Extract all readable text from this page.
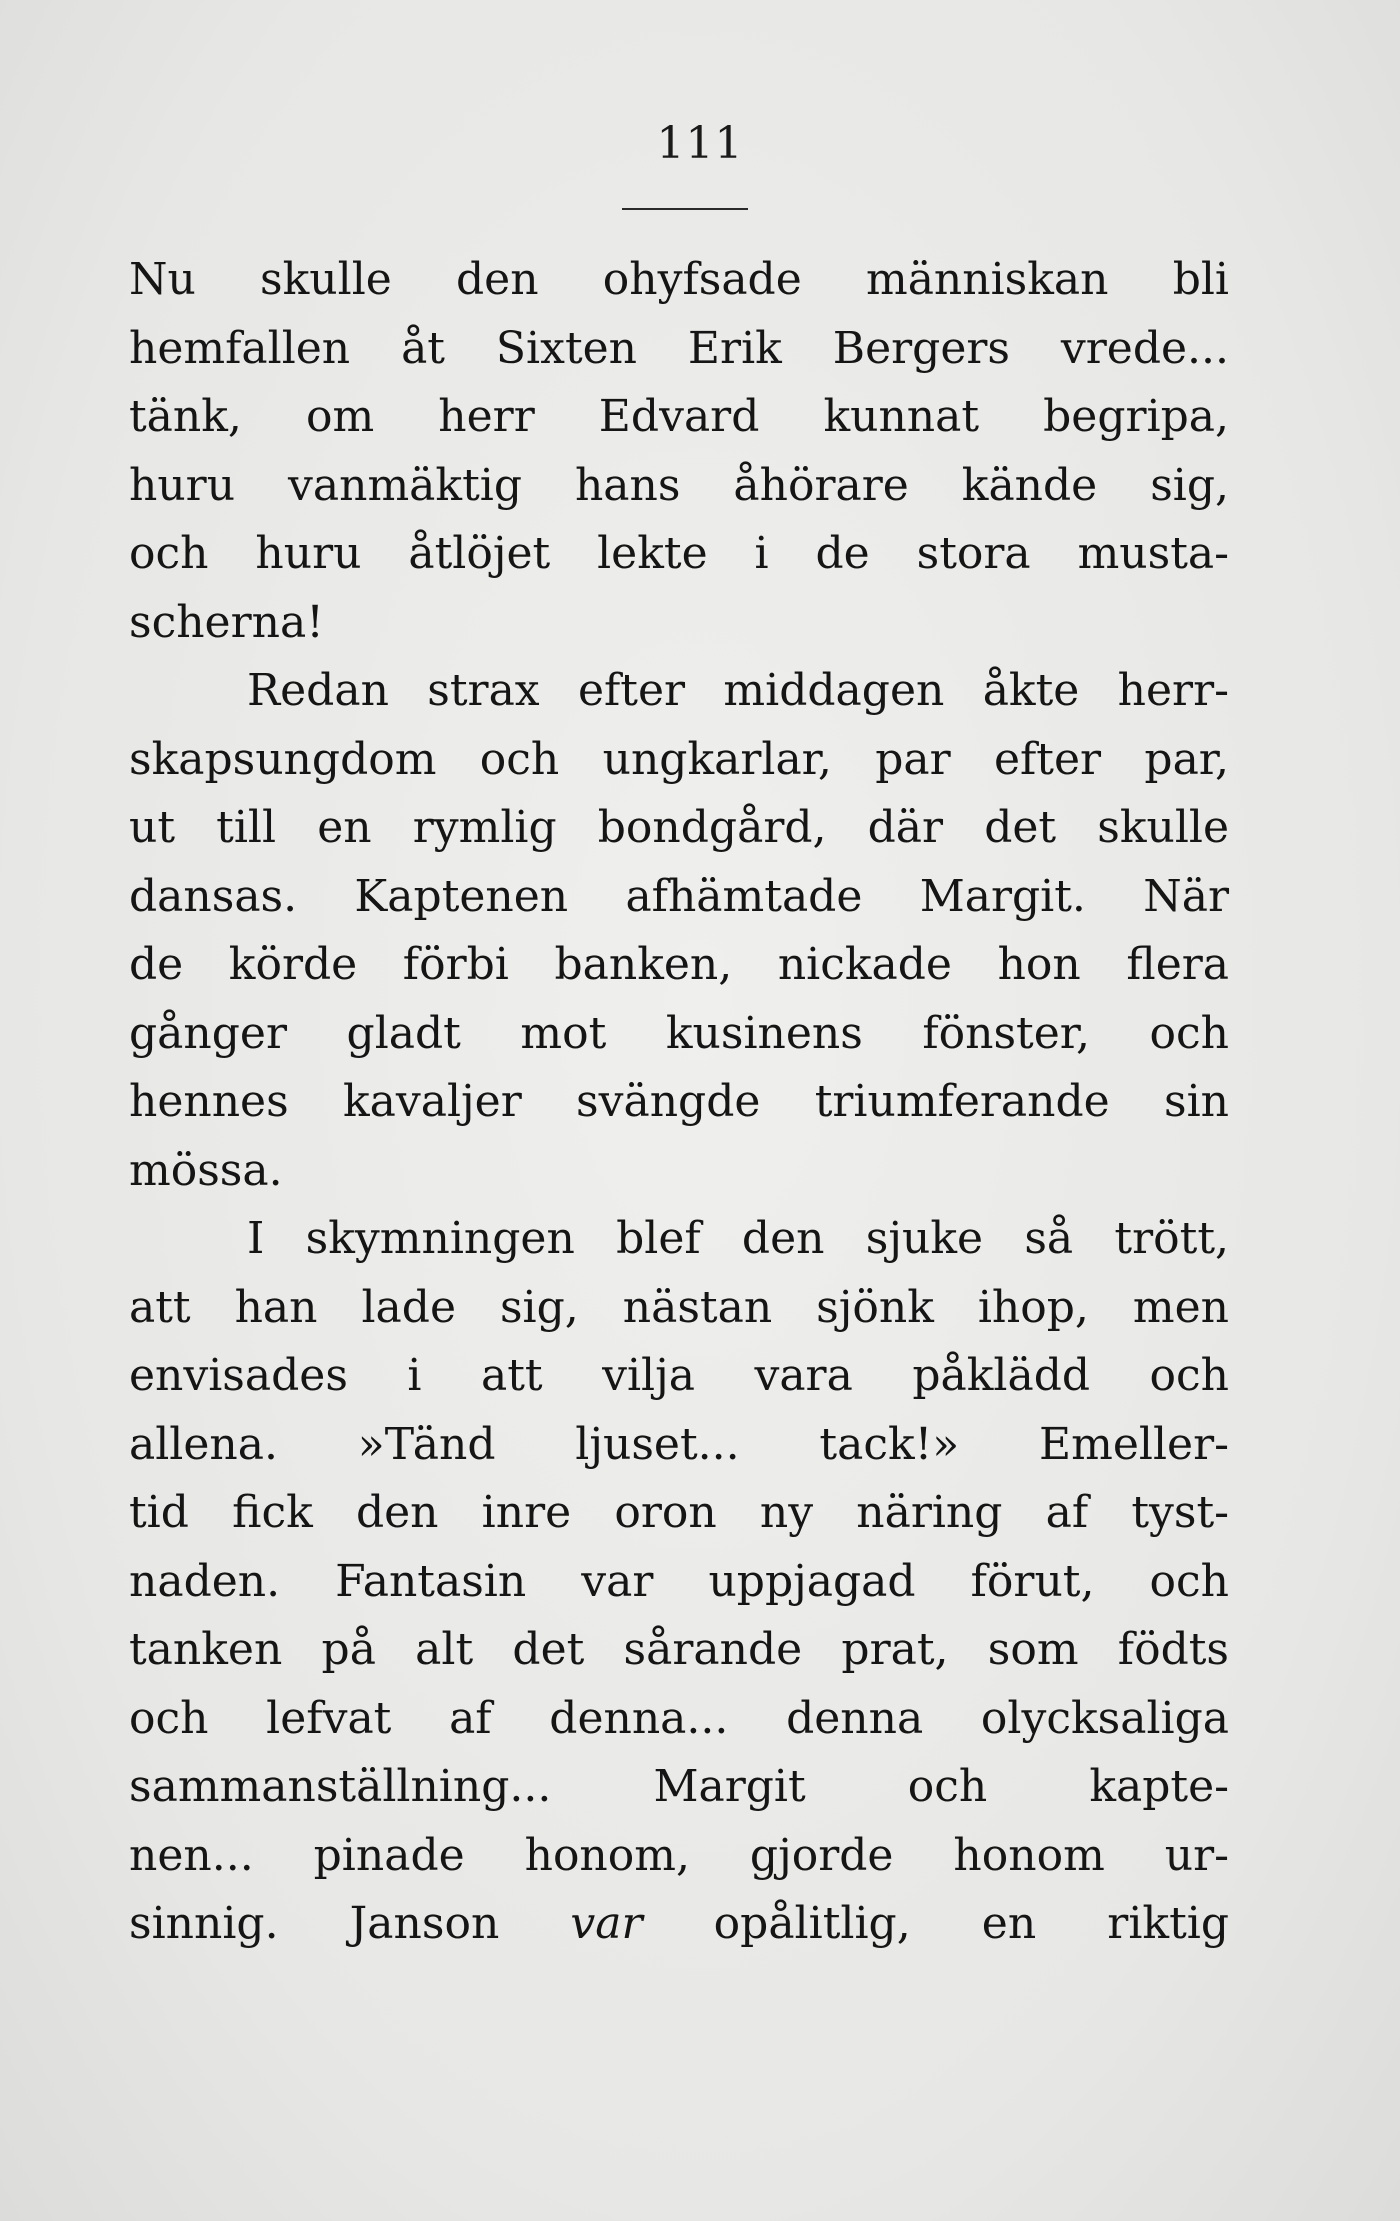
111

Nu skulle den ohyfsade människan bli
hemfallen åt Sixten Erik Bergers vrede...
tänk, om herr Edvard kunnat begripa,
huru vanmäktig hans åhörare kände sig,
och huru åtlöjet lekte i de stora musta-
scherna!

Redan strax efter middagen åkte herr-
skapsungdom och ungkarlar, par efter par,
ut till en rymlig bondgård, där det skulle
dansas. Kaptenen afhämtade Margit. När
de körde förbi banken, nickade hon flera
gånger gladt mot kusinens fönster, och
hennes kavaljer svängde triumferande sin
mössa.

I skymningen blef den sjuke så trött,
att han lade sig, nästan sjönk ihop, men
envisades i att vilja vara påklädd och
allena. »Tänd ljuset... tack!» Emeller-
tid fick den inre oron ny näring af tyst-
naden. Fantasin var uppjagad förut, och
tanken på alt det sårande prat, som födts
och lefvat af denna... denna olycksaliga
sammanställning... Margit och kapte-
nen... pinade honom, gjorde honom ur-
sinnig. Janson var opålitlig, en riktig
